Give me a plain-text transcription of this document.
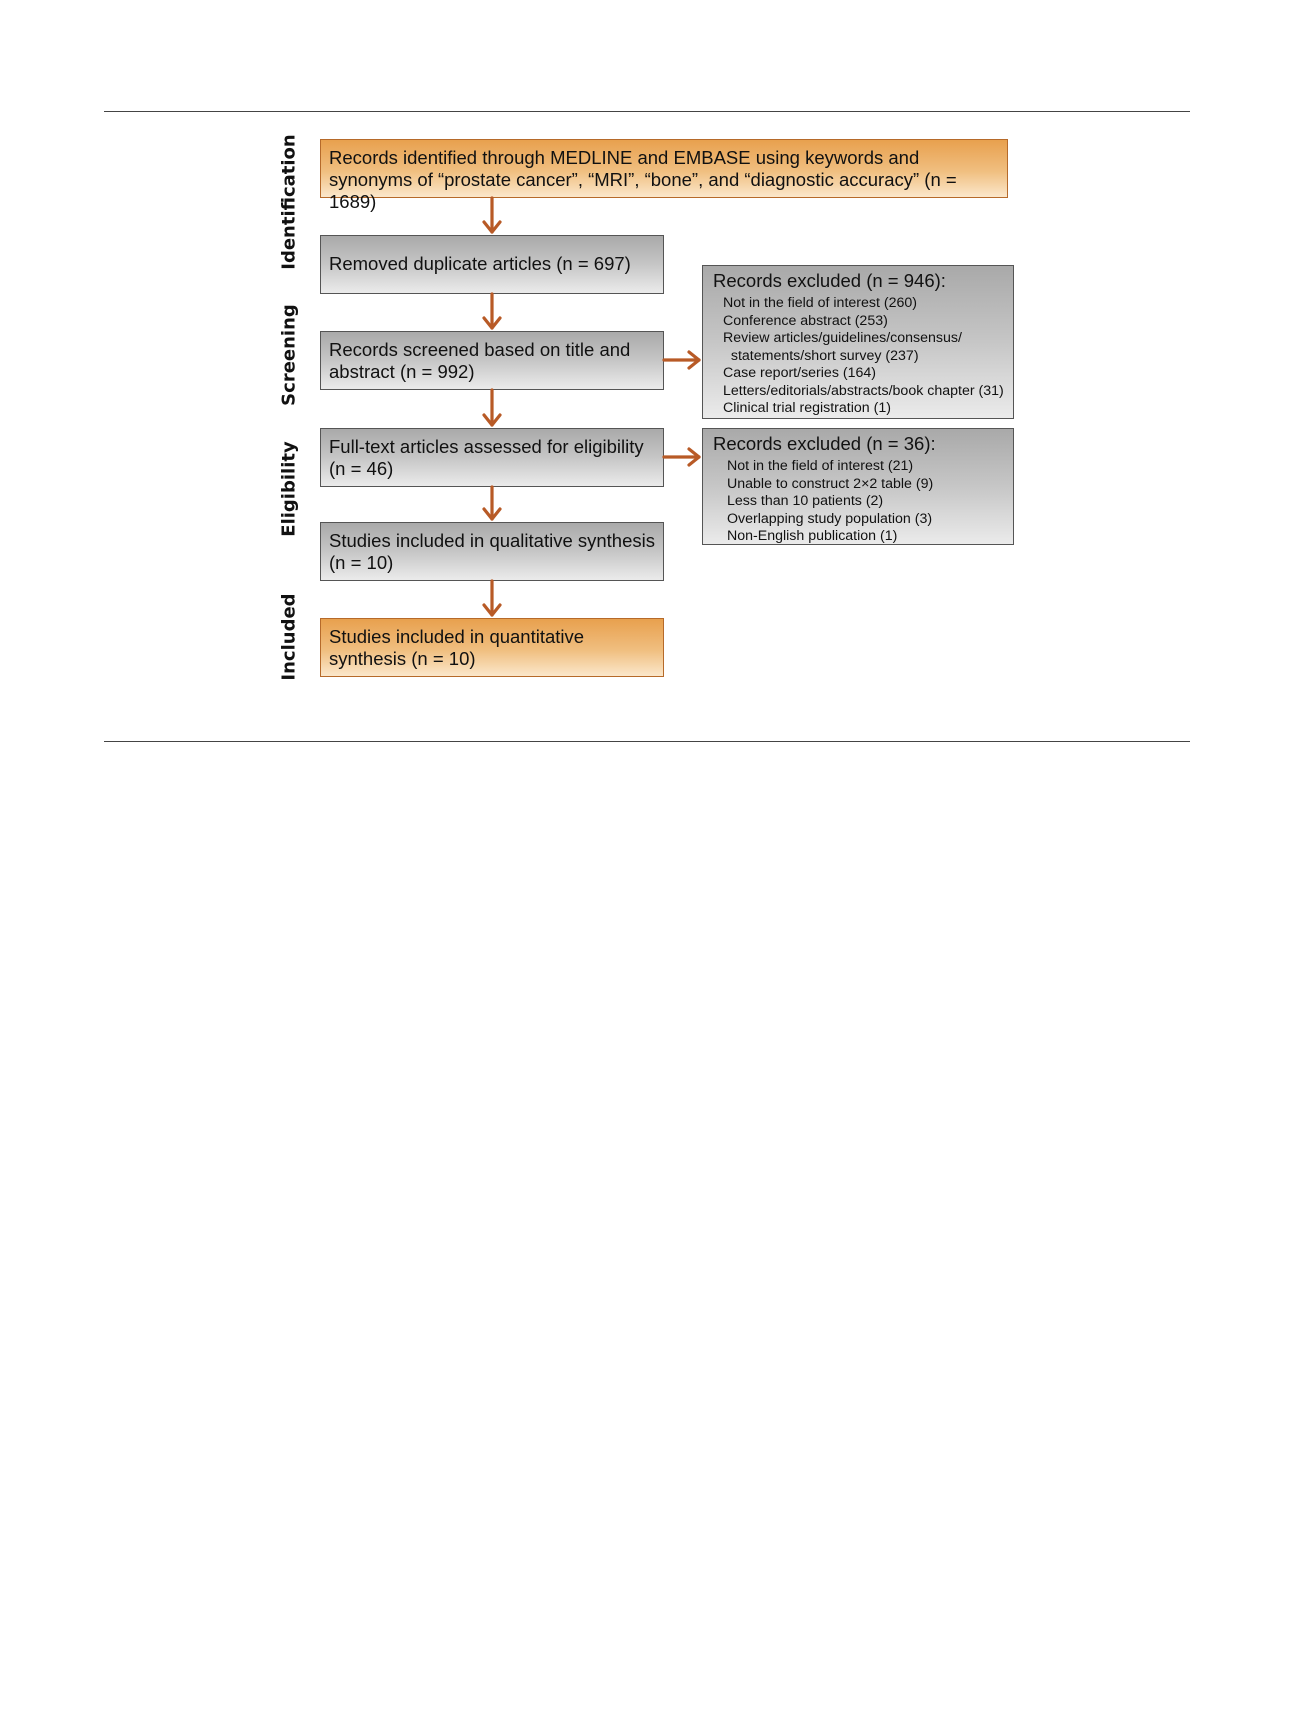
Identification
Screening
Eligibility
Included
Records identified through MEDLINE and EMBASE using keywords and
synonyms of “prostate cancer”, “MRI”, “bone”, and “diagnostic accuracy” (n = 1689)
Removed duplicate articles (n = 697)
Records screened based on title and
abstract (n = 992)
Full-text articles assessed for eligibility
(n = 46)
Studies included in qualitative synthesis
(n = 10)
Studies included in quantitative
synthesis (n = 10)
Records excluded (n = 946):
Not in the field of interest (260)
Conference abstract (253)
Review articles/guidelines/consensus/
statements/short survey (237)
Case report/series (164)
Letters/editorials/abstracts/book chapter (31)
Clinical trial registration (1)
Records excluded (n = 36):
Not in the field of interest (21)
Unable to construct 2×2 table (9)
Less than 10 patients (2)
Overlapping study population (3)
Non-English publication (1)
